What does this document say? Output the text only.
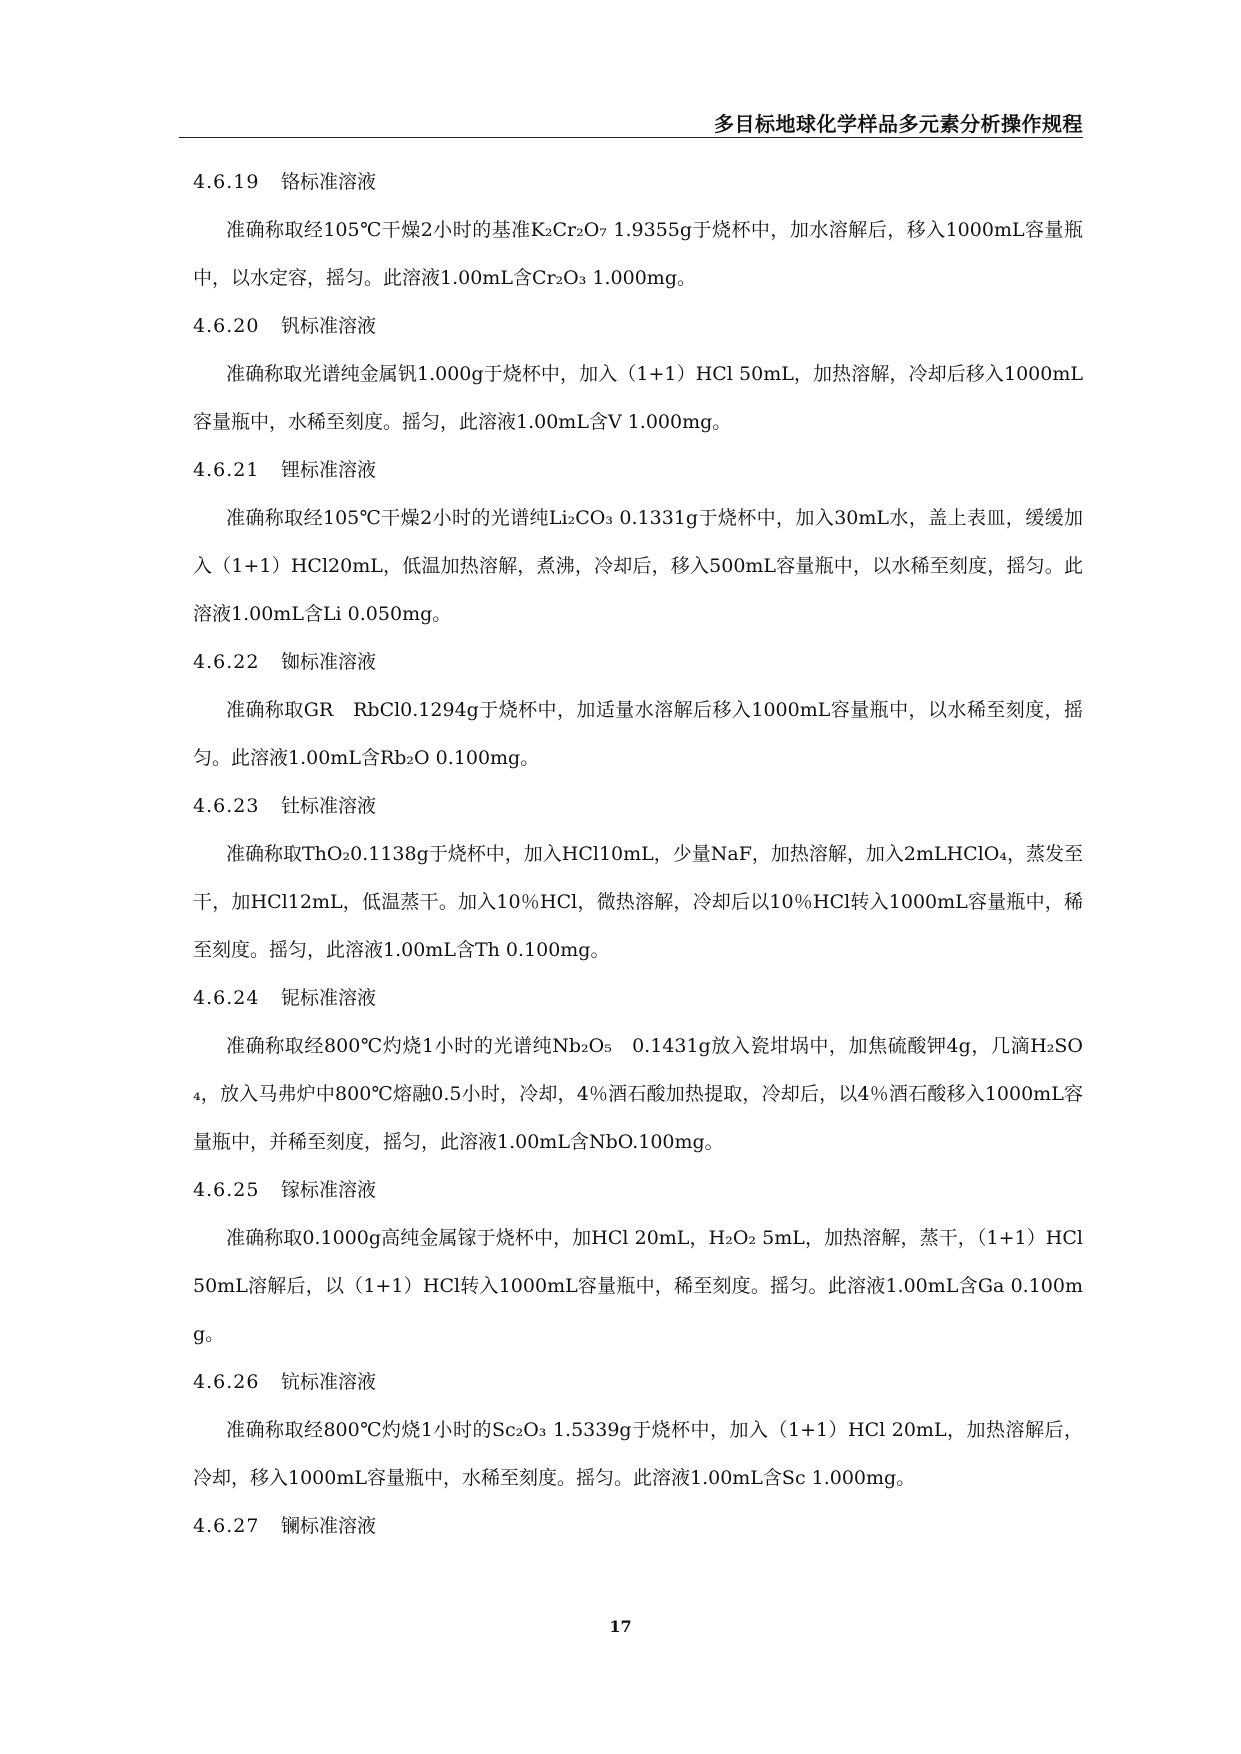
多目标地球化学样品多元素分析操作规程
4.6.19 铬标准溶液

准确称取经105℃干燥2小时的基准K₂Cr₂O₇ 1.9355g于烧杯中，加水溶解后，移入1000mL容量瓶中，以水定容，摇匀。此溶液1.00mL含Cr₂O₃ 1.000mg。

4.6.20 钒标准溶液

准确称取光谱纯金属钒1.000g于烧杯中，加入（1+1）HCl 50mL，加热溶解，冷却后移入1000mL容量瓶中，水稀至刻度。摇匀，此溶液1.00mL含V 1.000mg。

4.6.21 锂标准溶液

准确称取经105℃干燥2小时的光谱纯Li₂CO₃ 0.1331g于烧杯中，加入30mL水，盖上表皿，缓缓加入（1+1）HCl20mL，低温加热溶解，煮沸，冷却后，移入500mL容量瓶中，以水稀至刻度，摇匀。此溶液1.00mL含Li 0.050mg。

4.6.22 铷标准溶液

准确称取GR　RbCl0.1294g于烧杯中，加适量水溶解后移入1000mL容量瓶中，以水稀至刻度，摇匀。此溶液1.00mL含Rb₂O 0.100mg。

4.6.23 钍标准溶液

准确称取ThO₂0.1138g于烧杯中，加入HCl10mL，少量NaF，加热溶解，加入2mLHClO₄，蒸发至干，加HCl12mL，低温蒸干。加入10％HCl，微热溶解，冷却后以10％HCl转入1000mL容量瓶中，稀至刻度。摇匀，此溶液1.00mL含Th 0.100mg。

4.6.24 铌标准溶液

准确称取经800℃灼烧1小时的光谱纯Nb₂O₅　0.1431g放入瓷坩埚中，加焦硫酸钾4g，几滴H₂SO₄，放入马弗炉中800℃熔融0.5小时，冷却，4％酒石酸加热提取，冷却后，以4％酒石酸移入1000mL容量瓶中，并稀至刻度，摇匀，此溶液1.00mL含NbO.100mg。

4.6.25 镓标准溶液

准确称取0.1000g高纯金属镓于烧杯中，加HCl 20mL，H₂O₂ 5mL，加热溶解，蒸干，（1+1）HCl 50mL溶解后，以（1+1）HCl转入1000mL容量瓶中，稀至刻度。摇匀。此溶液1.00mL含Ga 0.100mg。

4.6.26 钪标准溶液

准确称取经800℃灼烧1小时的Sc₂O₃ 1.5339g于烧杯中，加入（1+1）HCl 20mL，加热溶解后，冷却，移入1000mL容量瓶中，水稀至刻度。摇匀。此溶液1.00mL含Sc 1.000mg。

4.6.27 镧标准溶液
17
